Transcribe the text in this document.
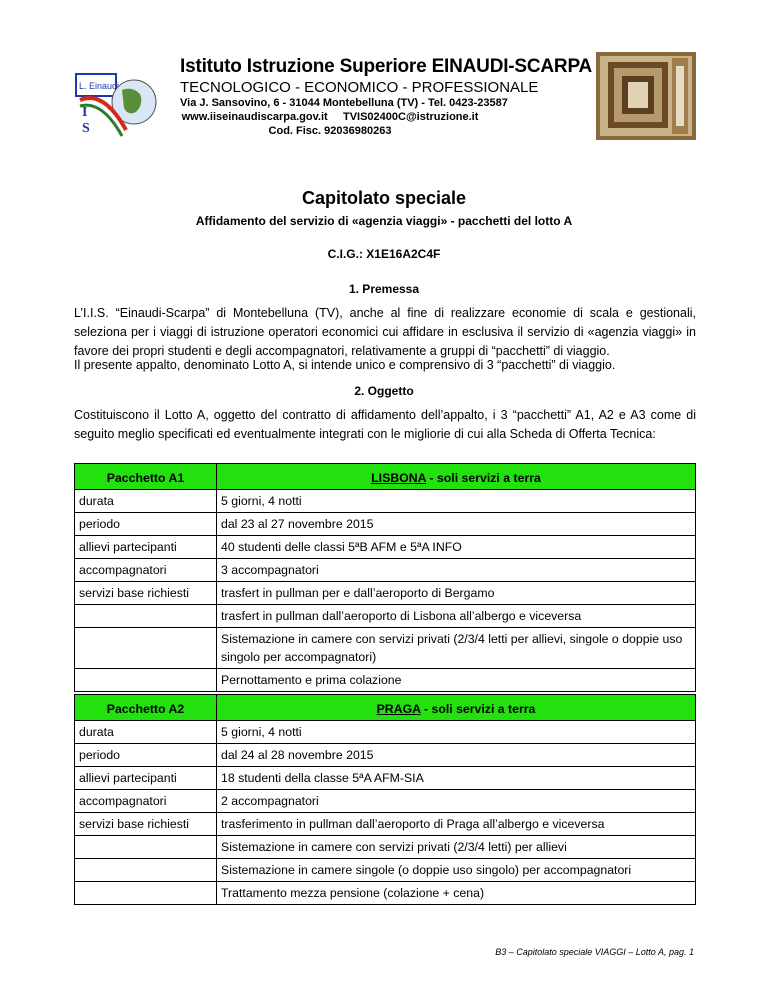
L. Einaudi
I
S
Istituto Istruzione Superiore EINAUDI-SCARPA
TECNOLOGICO - ECONOMICO - PROFESSIONALE
Via J. Sansovino, 6 - 31044 Montebelluna (TV) - Tel. 0423-23587
www.iiseinaudiscarpa.gov.it     TVIS02400C@istruzione.it
Cod. Fisc. 92036980263
Capitolato speciale
Affidamento del servizio di «agenzia viaggi» - pacchetti del lotto A
C.I.G.: X1E16A2C4F
1. Premessa
L’I.I.S. “Einaudi-Scarpa” di Montebelluna (TV), anche al fine di realizzare economie di scala e gestionali, seleziona per i viaggi di istruzione operatori economici cui affidare in esclusiva il servizio di «agenzia viaggi» in favore dei propri studenti e degli accompagnatori, relativamente a gruppi di “pacchetti” di viaggio.
Il presente appalto, denominato Lotto A, si intende unico e comprensivo di 3 “pacchetti” di viaggio.
2. Oggetto
Costituiscono il Lotto A, oggetto del contratto di affidamento dell’appalto, i 3 “pacchetti” A1, A2 e A3 come di seguito meglio specificati ed eventualmente integrati con le migliorie di cui alla Scheda di Offerta Tecnica:
Pacchetto A1	LISBONA - soli servizi a terra
durata	5 giorni, 4 notti
periodo	dal 23 al 27 novembre 2015
allievi partecipanti	40 studenti delle classi 5ªB AFM e 5ªA INFO
accompagnatori	3 accompagnatori
servizi base richiesti	trasfert in pullman per e dall’aeroporto di Bergamo
	trasfert in pullman dall’aeroporto di Lisbona all’albergo e viceversa
	Sistemazione in camere con servizi privati (2/3/4 letti per allievi, singole o doppie uso singolo per accompagnatori)
	Pernottamento e prima colazione
Pacchetto A2	PRAGA - soli servizi a terra
durata	5 giorni, 4 notti
periodo	dal 24 al 28 novembre 2015
allievi partecipanti	18 studenti della classe 5ªA AFM-SIA
accompagnatori	2 accompagnatori
servizi base richiesti	trasferimento in pullman dall’aeroporto di Praga all’albergo e viceversa
	Sistemazione in camere con servizi privati (2/3/4 letti) per allievi
	Sistemazione in camere singole (o doppie uso singolo) per accompagnatori
	Trattamento mezza pensione (colazione + cena)
B3 – Capitolato speciale VIAGGI – Lotto A, pag. 1
